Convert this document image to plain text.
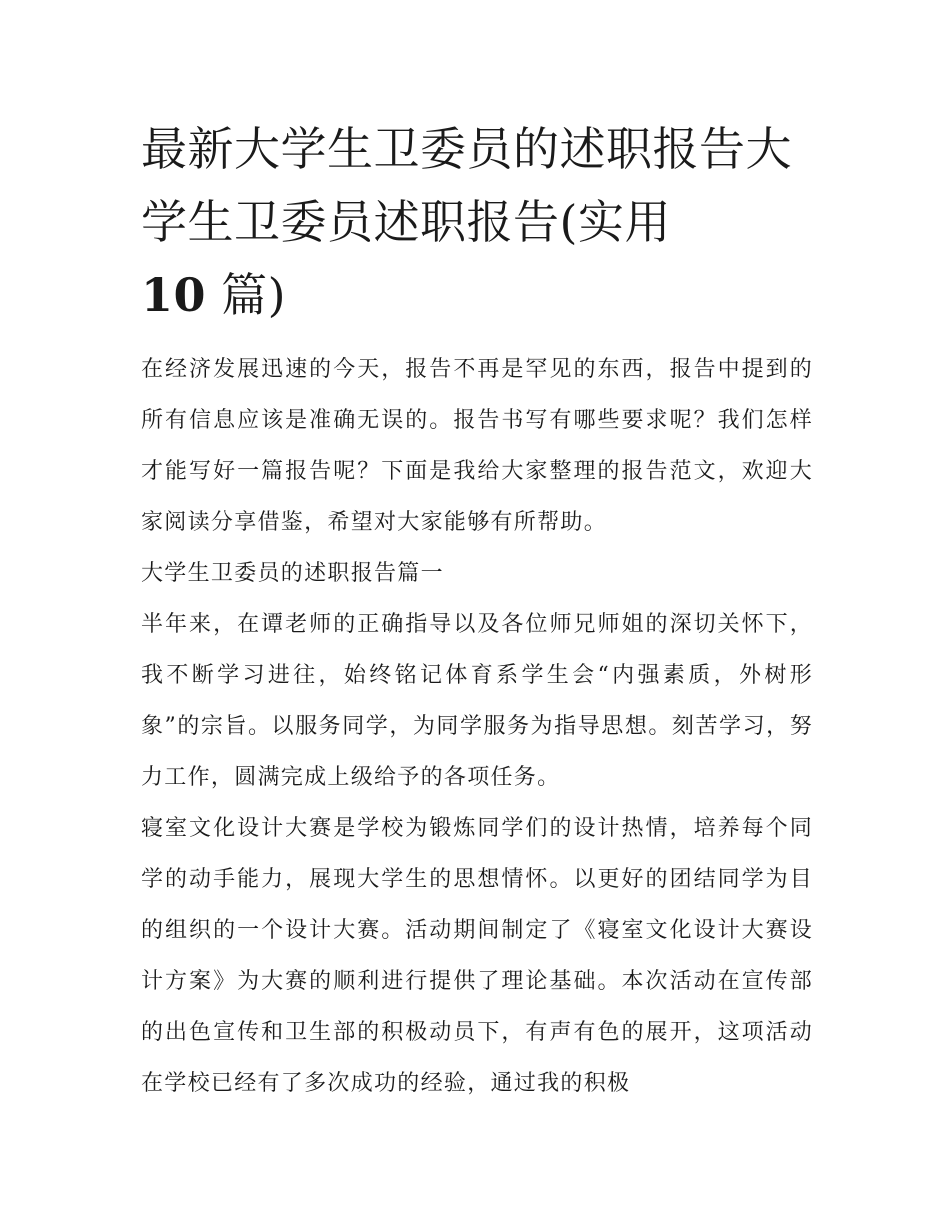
最新大学生卫委员的述职报告大学生卫委员述职报告(实用
10 篇)

在经济发展迅速的今天，报告不再是罕见的东西，报告中提到的所有信息应该是准确无误的。报告书写有哪些要求呢？我们怎样才能写好一篇报告呢？下面是我给大家整理的报告范文，欢迎大家阅读分享借鉴，希望对大家能够有所帮助。

大学生卫委员的述职报告篇一

半年来，在谭老师的正确指导以及各位师兄师姐的深切关怀下，我不断学习进往，始终铭记体育系学生会“内强素质，外树形象”的宗旨。以服务同学，为同学服务为指导思想。刻苦学习，努力工作，圆满完成上级给予的各项任务。

寝室文化设计大赛是学校为锻炼同学们的设计热情，培养每个同学的动手能力，展现大学生的思想情怀。以更好的团结同学为目的组织的一个设计大赛。活动期间制定了《寝室文化设计大赛设计方案》为大赛的顺利进行提供了理论基础。本次活动在宣传部的出色宣传和卫生部的积极动员下，有声有色的展开，这项活动在学校已经有了多次成功的经验，通过我的积极
